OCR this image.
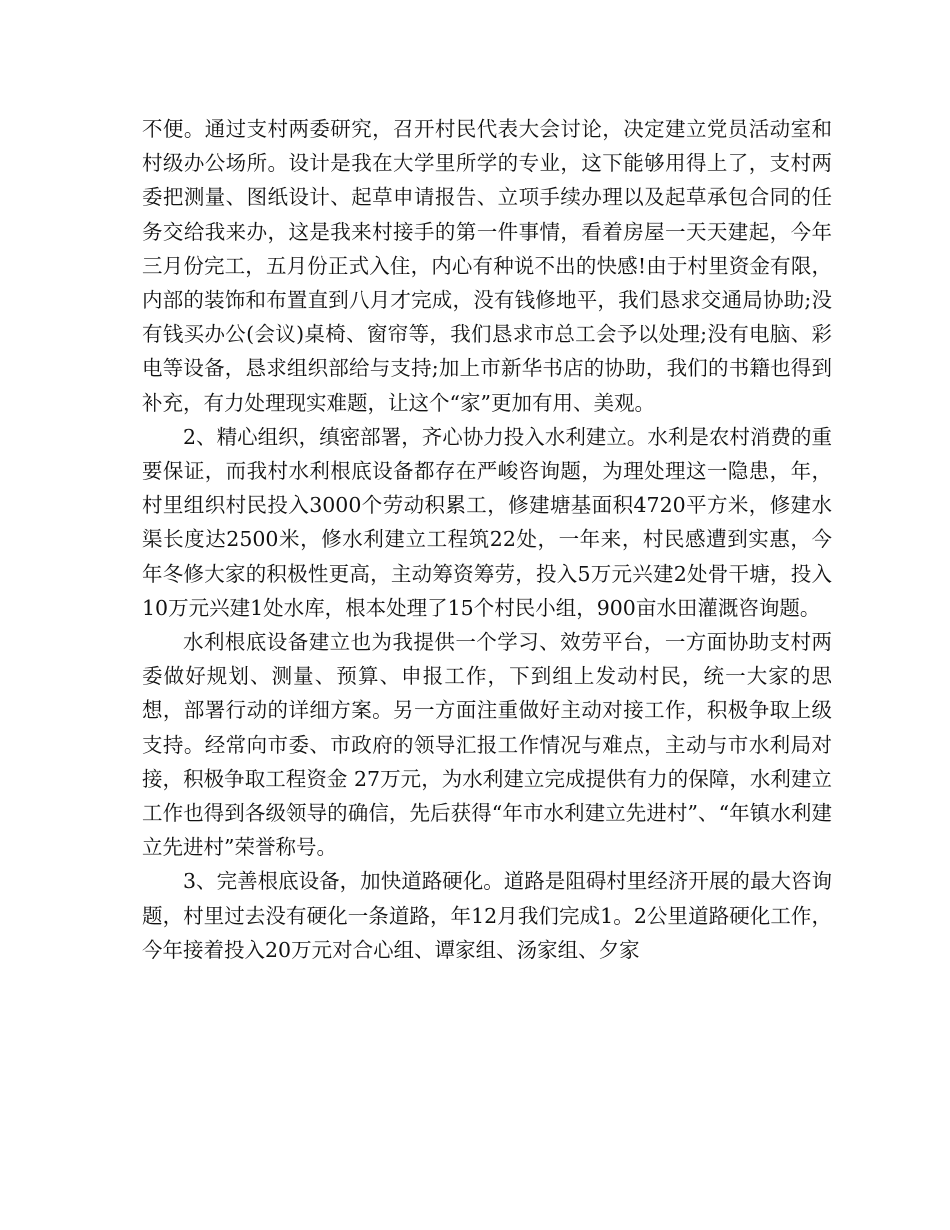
不便。通过支村两委研究，召开村民代表大会讨论，决定建立党员活动室和村级办公场所。设计是我在大学里所学的专业，这下能够用得上了，支村两委把测量、图纸设计、起草申请报告、立项手续办理以及起草承包合同的任务交给我来办，这是我来村接手的第一件事情，看着房屋一天天建起，今年三月份完工，五月份正式入住，内心有种说不出的快感!由于村里资金有限，内部的装饰和布置直到八月才完成，没有钱修地平，我们恳求交通局协助;没有钱买办公(会议)桌椅、窗帘等，我们恳求市总工会予以处理;没有电脑、彩电等设备，恳求组织部给与支持;加上市新华书店的协助，我们的书籍也得到补充，有力处理现实难题，让这个“家”更加有用、美观。

2、精心组织，缜密部署，齐心协力投入水利建立。水利是农村消费的重要保证，而我村水利根底设备都存在严峻咨询题，为理处理这一隐患，年，村里组织村民投入3000个劳动积累工，修建塘基面积4720平方米，修建水渠长度达2500米，修水利建立工程筑22处，一年来，村民感遭到实惠，今年冬修大家的积极性更高，主动筹资筹劳，投入5万元兴建2处骨干塘，投入10万元兴建1处水库，根本处理了15个村民小组，900亩水田灌溉咨询题。

水利根底设备建立也为我提供一个学习、效劳平台，一方面协助支村两委做好规划、测量、预算、申报工作，下到组上发动村民，统一大家的思想，部署行动的详细方案。另一方面注重做好主动对接工作，积极争取上级支持。经常向市委、市政府的领导汇报工作情况与难点，主动与市水利局对接，积极争取工程资金 27万元，为水利建立完成提供有力的保障，水利建立工作也得到各级领导的确信，先后获得“年市水利建立先进村”、“年镇水利建立先进村”荣誉称号。

3、完善根底设备，加快道路硬化。道路是阻碍村里经济开展的最大咨询题，村里过去没有硬化一条道路，年12月我们完成1。2公里道路硬化工作，今年接着投入20万元对合心组、谭家组、汤家组、夕家
